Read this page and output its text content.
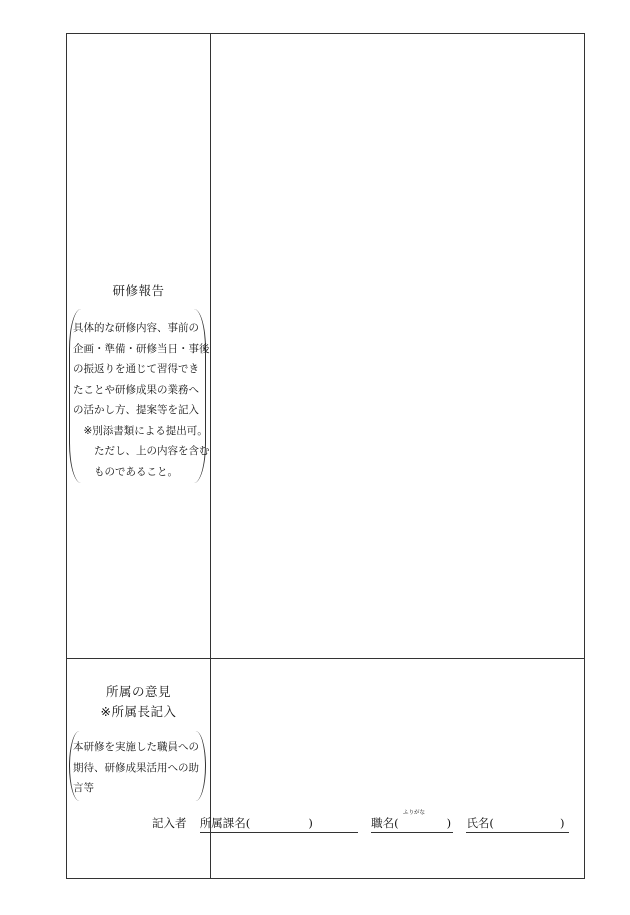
研修報告
具体的な研修内容、事前の
企画・準備・研修当日・事後
の振返りを通じて習得でき
たことや研修成果の業務へ
の活かし方、提案等を記入
　※別添書類による提出可。
　　ただし、上の内容を含む
　　ものであること。
所属の意見
※所属長記入
本研修を実施した職員への
期待、研修成果活用への助
言等
ふりがな
記入者 所属課名(	)	職名(	) 氏名(	)
